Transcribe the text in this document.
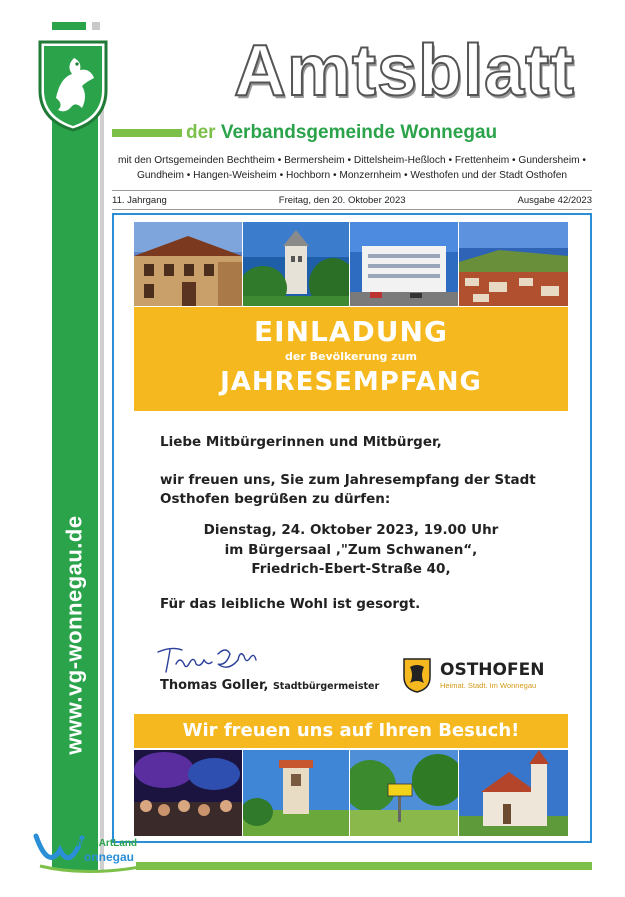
www.vg-wonnegau.de
Amtsblatt
der Verbandsgemeinde Wonnegau
mit den Ortsgemeinden Bechtheim • Bermersheim • Dittelsheim-Heßloch • Frettenheim • Gundersheim • Gundheim • Hangen-Weisheim • Hochborn • Monzernheim • Westhofen und der Stadt Osthofen
11. Jahrgang	Freitag, den 20. Oktober 2023	Ausgabe 42/2023
EINLADUNG
der Bevölkerung zum
JAHRESEMPFANG
Liebe Mitbürgerinnen und Mitbürger,
wir freuen uns, Sie zum Jahresempfang der Stadt
Osthofen begrüßen zu dürfen:
Dienstag, 24. Oktober 2023, 19.00 Uhr
im Bürgersaal ‚"Zum Schwanen“,
Friedrich-Ebert-Straße 40,
Für das leibliche Wohl ist gesorgt.
Thomas Goller, Stadtbürgermeister
OSTHOFEN
Heimat. Stadt. Im Wonnegau
Wir freuen uns auf Ihren Besuch!
WeinArtLand
onnegau
